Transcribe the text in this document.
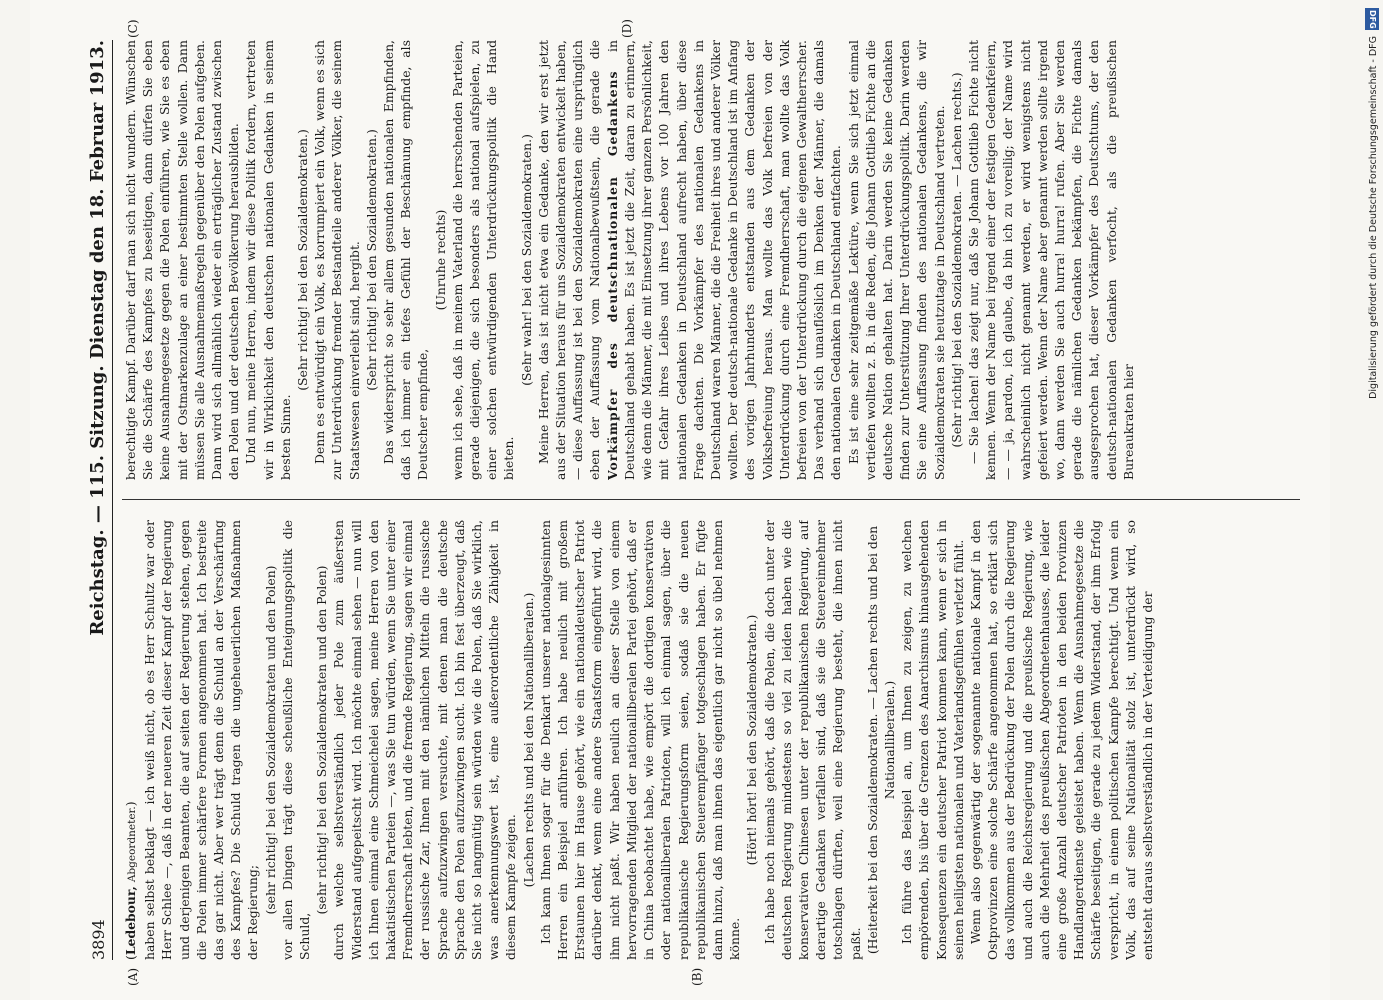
3894
Reichstag. — 115. Sitzung. Dienstag den 18. Februar 1913.
(A)	(B)
(C)	(D)

(Ledebour, Abgeordneter.) haben selbst beklagt — ich weiß nicht, ob es Herr Schultz war oder Herr Schlee —, daß in der neueren Zeit dieser Kampf der Regierung und derjenigen Beamten, die auf seiten der Regierung stehen, gegen die Polen immer schärfere Formen angenommen hat. Ich bestreite das gar nicht. Aber wer trägt denn die Schuld an der Verschärfung des Kampfes? Die Schuld tragen die ungeheuerlichen Maßnahmen der Regierung; (sehr richtig! bei den Sozialdemokraten und den Polen) vor allen Dingen trägt diese scheußliche Enteignungspolitik die Schuld,

(sehr richtig! bei den Sozialdemokraten und den Polen) durch welche selbstverständlich jeder Pole zum äußersten Widerstand aufgepeitscht wird. Ich möchte einmal sehen — nun will ich Ihnen einmal eine Schmeichelei sagen, meine Herren von den hakatistischen Parteien —, was Sie tun würden, wenn Sie unter einer Fremdherrschaft lebten, und die fremde Regierung, sagen wir einmal der russische Zar, Ihnen mit den nämlichen Mitteln die russische Sprache aufzuzwingen versuchte, mit denen man die deutsche Sprache den Polen aufzuzwingen sucht. Ich bin fest überzeugt, daß Sie nicht so langmütig sein würden wie die Polen, daß Sie wirklich, was anerkennungswert ist, eine außerordentliche Zähigkeit in diesem Kampfe zeigen. (Lachen rechts und bei den Nationalliberalen.) Ich kann Ihnen sogar für die Denkart unserer nationalgesinnten Herren ein Beispiel anführen. Ich habe neulich mit großem Erstaunen hier im Hause gehört, wie ein nationaldeutscher Patriot darüber denkt, wenn eine andere Staatsform eingeführt wird, die ihm nicht paßt. Wir haben neulich an dieser Stelle von einem hervorragenden Mitglied der nationalliberalen Partei gehört, daß er in China beobachtet habe, wie empört die dortigen konservativen oder nationalliberalen Patrioten, will ich einmal sagen, über die republikanische Regierungsform seien, sodaß sie die neuen republikanischen Steuerempfänger totgeschlagen haben. Er fügte dann hinzu, daß man ihnen das eigentlich gar nicht so übel nehmen könne.

(Hört! hört! bei den Sozialdemokraten.) Ich habe noch niemals gehört, daß die Polen, die doch unter der deutschen Regierung mindestens so viel zu leiden haben wie die konservativen Chinesen unter der republikanischen Regierung, auf derartige Gedanken verfallen sind, daß sie die Steuereinnehmer totschlagen dürften, weil eine Regierung besteht, die ihnen nicht paßt. (Heiterkeit bei den Sozialdemokraten. — Lachen rechts und bei den Nationalliberalen.) Ich führe das Beispiel an, um Ihnen zu zeigen, zu welchen empörenden, bis über die Grenzen des Anarchismus hinausgehenden Konsequenzen ein deutscher Patriot kommen kann, wenn er sich in seinen heiligsten nationalen und Vaterlandsgefühlen verletzt fühlt. Wenn also gegenwärtig der sogenannte nationale Kampf in den Ostprovinzen eine solche Schärfe angenommen hat, so erklärt sich das vollkommen aus der Bedrückung der Polen durch die Regierung und auch die Reichsregierung und die preußische Regierung, wie auch die Mehrheit des preußischen Abgeordnetenhauses, die leider eine große Anzahl deutscher Patrioten in den beiden Provinzen Handlangerdienste geleistet haben. Wenn die Ausnahmegesetze die Schärfe beseitigen, die gerade zu jedem Widerstand, der ihm Erfolg verspricht, in einem politischen Kampfe berechtigt. Und wenn ein Volk, das auf seine Nationalität stolz ist, unterdrückt wird, so entsteht daraus selbstverständlich in der Verteidigung der

berechtigte Kampf. Darüber darf man sich nicht wundern. Wünschen Sie die Schärfe des Kampfes zu beseitigen, dann dürfen Sie eben keine Ausnahmegesetze gegen die Polen einführen, wie Sie es eben mit der Ostmarkenzulage an einer bestimmten Stelle wollen. Dann müssen Sie alle Ausnahmemaßregeln gegenüber den Polen aufgeben. Dann wird sich allmählich wieder ein erträglicher Zustand zwischen den Polen und der deutschen Bevölkerung herausbilden. Und nun, meine Herren, indem wir diese Politik fordern, vertreten wir in Wirklichkeit den deutschen nationalen Gedanken in seinem besten Sinne.

(Sehr richtig! bei den Sozialdemokraten.) Denn es entwürdigt ein Volk, es korrumpiert ein Volk, wenn es sich zur Unterdrückung fremder Bestandteile anderer Völker, die seinem Staatswesen einverleibt sind, hergibt. (Sehr richtig! bei den Sozialdemokraten.) Das widerspricht so sehr allem gesunden nationalen Empfinden, daß ich immer ein tiefes Gefühl der Beschämung empfinde, als Deutscher empfinde,

(Unruhe rechts) wenn ich sehe, daß in meinem Vaterland die herrschenden Parteien, gerade diejenigen, die sich besonders als national aufspielen, zu einer solchen entwürdigenden Unterdrückungspolitik die Hand bieten.

(Sehr wahr! bei den Sozialdemokraten.) Meine Herren, das ist nicht etwa ein Gedanke, den wir erst jetzt aus der Situation heraus für uns Sozialdemokraten entwickelt haben, — diese Auffassung ist bei den Sozialdemokraten eine ursprünglich eben der Auffassung vom Nationalbewußtsein, die gerade die Vorkämpfer des deutschnationalen Gedankens in Deutschland gehabt haben. Es ist jetzt die Zeit, daran zu erinnern, wie denn die Männer, die mit Einsetzung ihrer ganzen Persönlichkeit, mit Gefahr ihres Leibes und ihres Lebens vor 100 Jahren den nationalen Gedanken in Deutschland aufrecht haben, über diese Frage dachten. Die Vorkämpfer des nationalen Gedankens in Deutschland waren Männer, die die Freiheit ihres und anderer Völker wollten. Der deutsch-nationale Gedanke in Deutschland ist im Anfang des vorigen Jahrhunderts entstanden aus dem Gedanken der Volksbefreiung heraus. Man wollte das Volk befreien von der Unterdrückung durch eine Fremdherrschaft, man wollte das Volk befreien von der Unterdrückung durch die eigenen Gewaltherrscher. Das verband sich unauflöslich im Denken der Männer, die damals den nationalen Gedanken in Deutschland entfachten. Es ist eine sehr zeitgemäße Lektüre, wenn Sie sich jetzt einmal vertiefen wollten z. B. in die Reden, die Johann Gottlieb Fichte an die deutsche Nation gehalten hat. Darin werden Sie keine Gedanken finden zur Unterstützung Ihrer Unterdrückungspolitik. Darin werden Sie eine Auffassung finden des nationalen Gedankens, die wir Sozialdemokraten sie heutzutage in Deutschland vertreten. (Sehr richtig! bei den Sozialdemokraten. — Lachen rechts.) — Sie lachen! das zeigt nur, daß Sie Johann Gottlieb Fichte nicht kennen. Wenn der Name bei irgend einer der festigen Gedenkfeiern, — — ja, pardon, ich glaube, da bin ich zu voreilig; der Name wird wahrscheinlich nicht genannt werden, er wird wenigstens nicht gefeiert werden. Wenn der Name aber genannt werden sollte irgend wo, dann werden Sie auch hurra! hurra! rufen. Aber Sie werden gerade die nämlichen Gedanken bekämpfen, die Fichte damals ausgesprochen hat, dieser Vorkämpfer des Deutschtums, der den deutsch-nationalen Gedanken verfocht, als die preußischen Bureaukraten hier

DFG
Digitalisierung gefördert durch die Deutsche Forschungsgemeinschaft - DFG
